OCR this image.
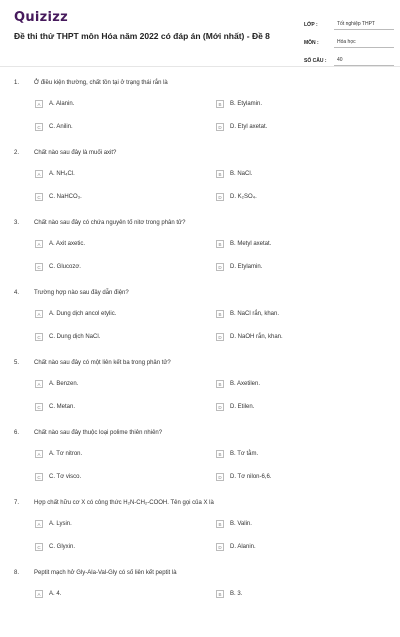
Quizizz
Đề thi thử THPT môn Hóa năm 2022 có đáp án (Mới nhất) - Đề 8
LỚP :	Tốt nghiệp THPT
MÔN :	Hóa học
SỐ CÂU :	40
1. Ở điều kiện thường, chất tồn tại ở trạng thái rắn là
A	A. Alanin.	B	B. Etylamin.
C	C. Anilin.	D	D. Etyl axetat.
2. Chất nào sau đây là muối axit?
A	A. NH₄Cl.	B	B. NaCl.
C	C. NaHCO₃.	D	D. K₂SO₄.
3. Chất nào sau đây có chứa nguyên tố nitơ trong phân tử?
A	A. Axit axetic.	B	B. Metyl axetat.
C	C. Glucozơ.	D	D. Etylamin.
4. Trường hợp nào sau đây dẫn điện?
A	A. Dung dịch ancol etylic.	B	B. NaCl rắn, khan.
C	C. Dung dịch NaCl.	D	D. NaOH rắn, khan.
5. Chất nào sau đây có một liên kết ba trong phân tử?
A	A. Benzen.	B	B. Axetilen.
C	C. Metan.	D	D. Etilen.
6. Chất nào sau đây thuộc loại polime thiên nhiên?
A	A. Tơ nitron.	B	B. Tơ tằm.
C	C. Tơ visco.	D	D. Tơ nilon-6,6.
7. Hợp chất hữu cơ X có công thức H₂N-CH₂-COOH. Tên gọi của X là
A	A. Lysin.	B	B. Valin.
C	C. Glyxin.	D	D. Alanin.
8. Peptit mạch hở Gly-Ala-Val-Gly có số liên kết peptit là
A	A. 4.	B	B. 3.
